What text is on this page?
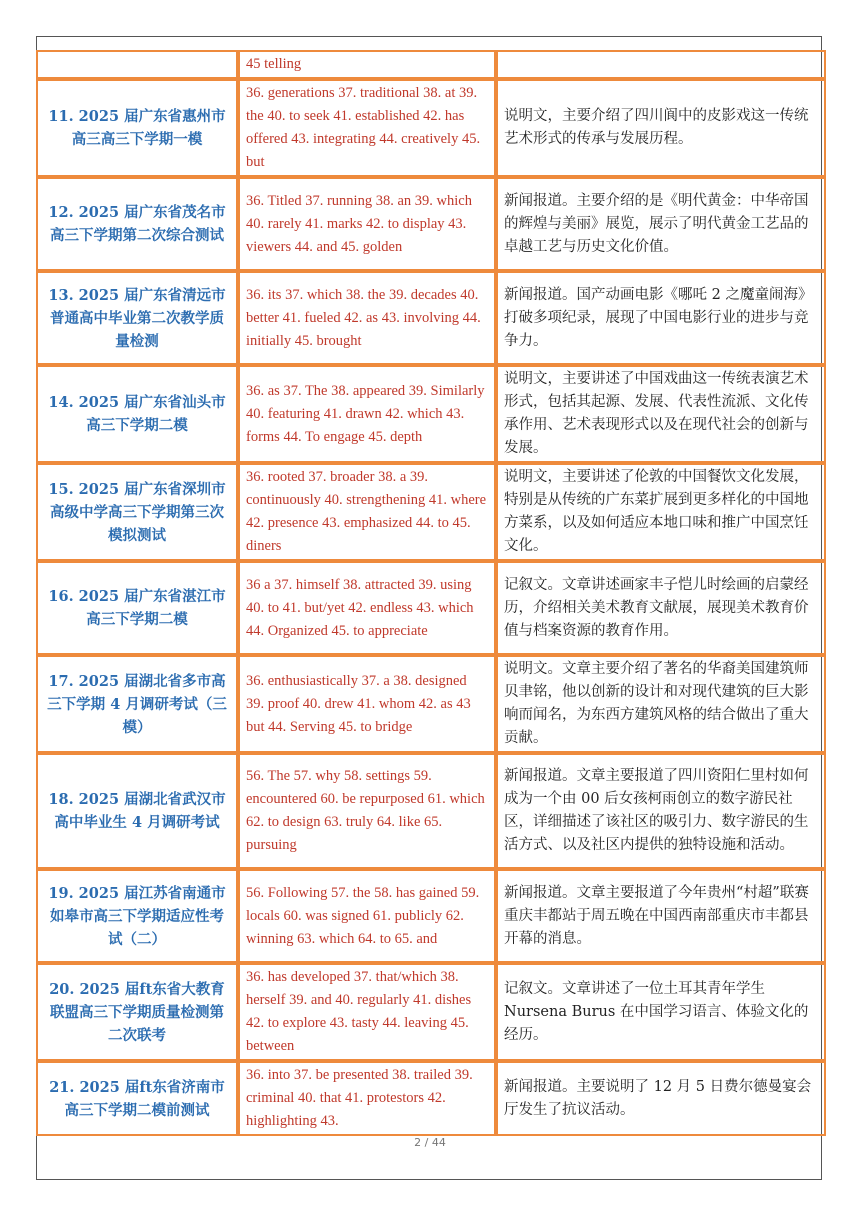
	45 telling	
11. 2025 届广东省惠州市高三高三下学期一模	36. generations 37. traditional 38. at 39. the 40. to seek 41. established 42. has offered 43. integrating 44. creatively 45. but	说明文，主要介绍了四川阆中的皮影戏这一传统艺术形式的传承与发展历程。
12. 2025 届广东省茂名市高三下学期第二次综合测试	36. Titled 37. running 38. an 39. which 40. rarely 41. marks 42. to display 43. viewers 44. and 45. golden	新闻报道。主要介绍的是《明代黄金：中华帝国的辉煌与美丽》展览，展示了明代黄金工艺品的卓越工艺与历史文化价值。
13. 2025 届广东省清远市普通高中毕业第二次教学质量检测	36. its 37. which 38. the 39. decades 40. better 41. fueled 42. as 43. involving 44. initially 45. brought	新闻报道。国产动画电影《哪吒 2 之魔童闹海》打破多项纪录，展现了中国电影行业的进步与竞争力。
14. 2025 届广东省汕头市高三下学期二模	36. as 37. The 38. appeared 39. Similarly 40. featuring 41. drawn 42. which 43. forms 44. To engage 45. depth	说明文，主要讲述了中国戏曲这一传统表演艺术形式，包括其起源、发展、代表性流派、文化传承作用、艺术表现形式以及在现代社会的创新与发展。
15. 2025 届广东省深圳市高级中学高三下学期第三次模拟测试	36. rooted 37. broader 38. a 39. continuously 40. strengthening 41. where 42. presence 43. emphasized 44. to 45. diners	说明文，主要讲述了伦敦的中国餐饮文化发展，特别是从传统的广东菜扩展到更多样化的中国地方菜系，以及如何适应本地口味和推广中国烹饪文化。
16. 2025 届广东省湛江市高三下学期二模	36 a 37. himself 38. attracted 39. using 40. to 41. but/yet 42. endless 43. which 44. Organized 45. to appreciate	记叙文。文章讲述画家丰子恺儿时绘画的启蒙经历，介绍相关美术教育文献展，展现美术教育价值与档案资源的教育作用。
17. 2025 届湖北省多市高三下学期 4 月调研考试（三模）	36. enthusiastically 37. a 38. designed 39. proof 40. drew 41. whom 42. as 43 but 44. Serving 45. to bridge	说明文。文章主要介绍了著名的华裔美国建筑师贝聿铭，他以创新的设计和对现代建筑的巨大影响而闻名，为东西方建筑风格的结合做出了重大贡献。
18. 2025 届湖北省武汉市高中毕业生 4 月调研考试	56. The 57. why 58. settings 59. encountered 60. be repurposed 61. which 62. to design 63. truly 64. like 65. pursuing	新闻报道。文章主要报道了四川资阳仁里村如何成为一个由 00 后女孩柯雨创立的数字游民社区，详细描述了该社区的吸引力、数字游民的生活方式、以及社区内提供的独特设施和活动。
19. 2025 届江苏省南通市如皋市高三下学期适应性考试（二）	56. Following 57. the 58. has gained 59. locals 60. was signed 61. publicly 62. winning 63. which 64. to 65. and	新闻报道。文章主要报道了今年贵州“村超”联赛重庆丰都站于周五晚在中国西南部重庆市丰都县开幕的消息。
20. 2025 届ft东省大教育联盟高三下学期质量检测第二次联考	36. has developed 37. that/which 38. herself 39. and 40. regularly 41. dishes 42. to explore 43. tasty 44. leaving 45. between	记叙文。文章讲述了一位土耳其青年学生 Nursena Burus 在中国学习语言、体验文化的经历。
21. 2025 届ft东省济南市高三下学期二模前测试	36. into 37. be presented 38. trailed 39. criminal 40. that 41. protestors 42. highlighting 43.	新闻报道。主要说明了 12 月 5 日费尔德曼宴会厅发生了抗议活动。
2 / 44
